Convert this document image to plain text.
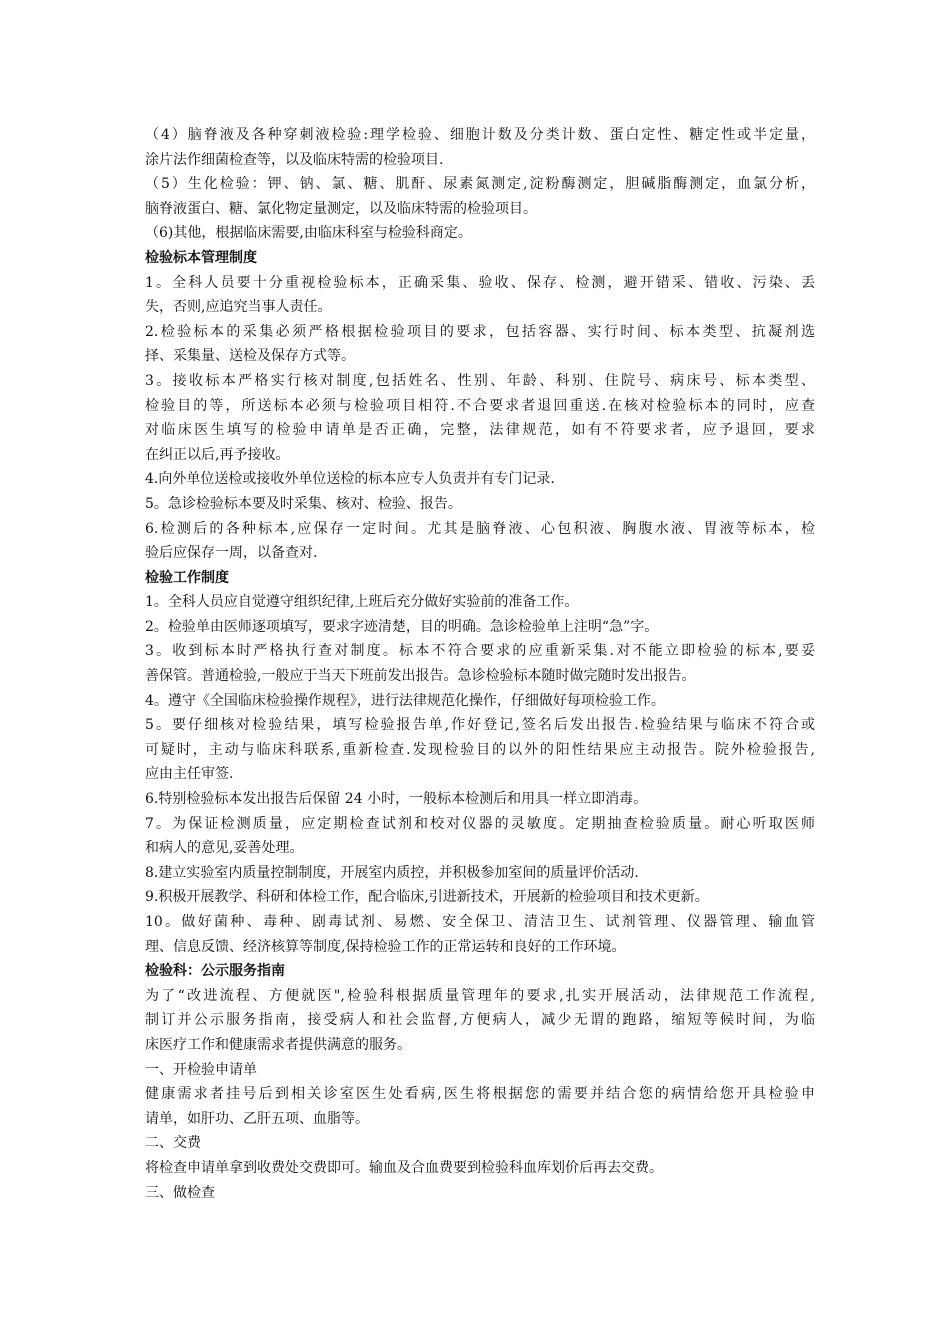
（4）脑脊液及各种穿刺液检验:理学检验、细胞计数及分类计数、蛋白定性、糖定性或半定量，
涂片法作细菌检查等，以及临床特需的检验项目.
（5）生化检验：钾、钠、氯、糖、肌酐、尿素氮测定,淀粉酶测定，胆碱脂酶测定，血氯分析，
脑脊液蛋白、糖、氯化物定量测定，以及临床特需的检验项目。
（6)其他，根据临床需要,由临床科室与检验科商定。
检验标本管理制度
1。全科人员要十分重视检验标本，正确采集、验收、保存、检测，避开错采、错收、污染、丢
失，否则,应追究当事人责任。
2.检验标本的采集必须严格根据检验项目的要求，包括容器、实行时间、标本类型、抗凝剂选
择、采集量、送检及保存方式等。
3。接收标本严格实行核对制度,包括姓名、性别、年龄、科别、住院号、病床号、标本类型、
检验目的等，所送标本必须与检验项目相符.不合要求者退回重送.在核对检验标本的同时，应查
对临床医生填写的检验申请单是否正确，完整，法律规范，如有不符要求者，应予退回，要求
在纠正以后,再予接收。
4.向外单位送检或接收外单位送检的标本应专人负责并有专门记录.
5。急诊检验标本要及时采集、核对、检验、报告。
6.检测后的各种标本,应保存一定时间。尤其是脑脊液、心包积液、胸腹水液、胃液等标本，检
验后应保存一周，以备查对.
检验工作制度
1。全科人员应自觉遵守组织纪律,上班后充分做好实验前的准备工作。
2。检验单由医师逐项填写，要求字迹清楚，目的明确。急诊检验单上注明“急”字。
3。收到标本时严格执行查对制度。标本不符合要求的应重新采集.对不能立即检验的标本,要妥
善保管。普通检验,一般应于当天下班前发出报告。急诊检验标本随时做完随时发出报告。
4。遵守《全国临床检验操作规程》，进行法律规范化操作，仔细做好每项检验工作。
5。要仔细核对检验结果，填写检验报告单,作好登记,签名后发出报告.检验结果与临床不符合或
可疑时，主动与临床科联系,重新检查.发现检验目的以外的阳性结果应主动报告。院外检验报告,
应由主任审签.
6.特别检验标本发出报告后保留 24 小时，一般标本检测后和用具一样立即消毒。
7。为保证检测质量，应定期检查试剂和校对仪器的灵敏度。定期抽查检验质量。耐心听取医师
和病人的意见,妥善处理。
8.建立实验室内质量控制制度，开展室内质控，并积极参加室间的质量评价活动.
9.积极开展教学、科研和体检工作，配合临床,引进新技术，开展新的检验项目和技术更新。
10。做好菌种、毒种、剧毒试剂、易燃、安全保卫、清洁卫生、试剂管理、仪器管理、输血管
理、信息反馈、经济核算等制度,保持检验工作的正常运转和良好的工作环境。
检验科：公示服务指南
为了“改进流程、方便就医",检验科根据质量管理年的要求,扎实开展活动，法律规范工作流程,
制订并公示服务指南，接受病人和社会监督,方便病人，减少无谓的跑路，缩短等候时间，为临
床医疗工作和健康需求者提供满意的服务。
一、开检验申请单
健康需求者挂号后到相关诊室医生处看病,医生将根据您的需要并结合您的病情给您开具检验申
请单，如肝功、乙肝五项、血脂等。
二、交费
将检查申请单拿到收费处交费即可。输血及合血费要到检验科血库划价后再去交费。
三、做检查
